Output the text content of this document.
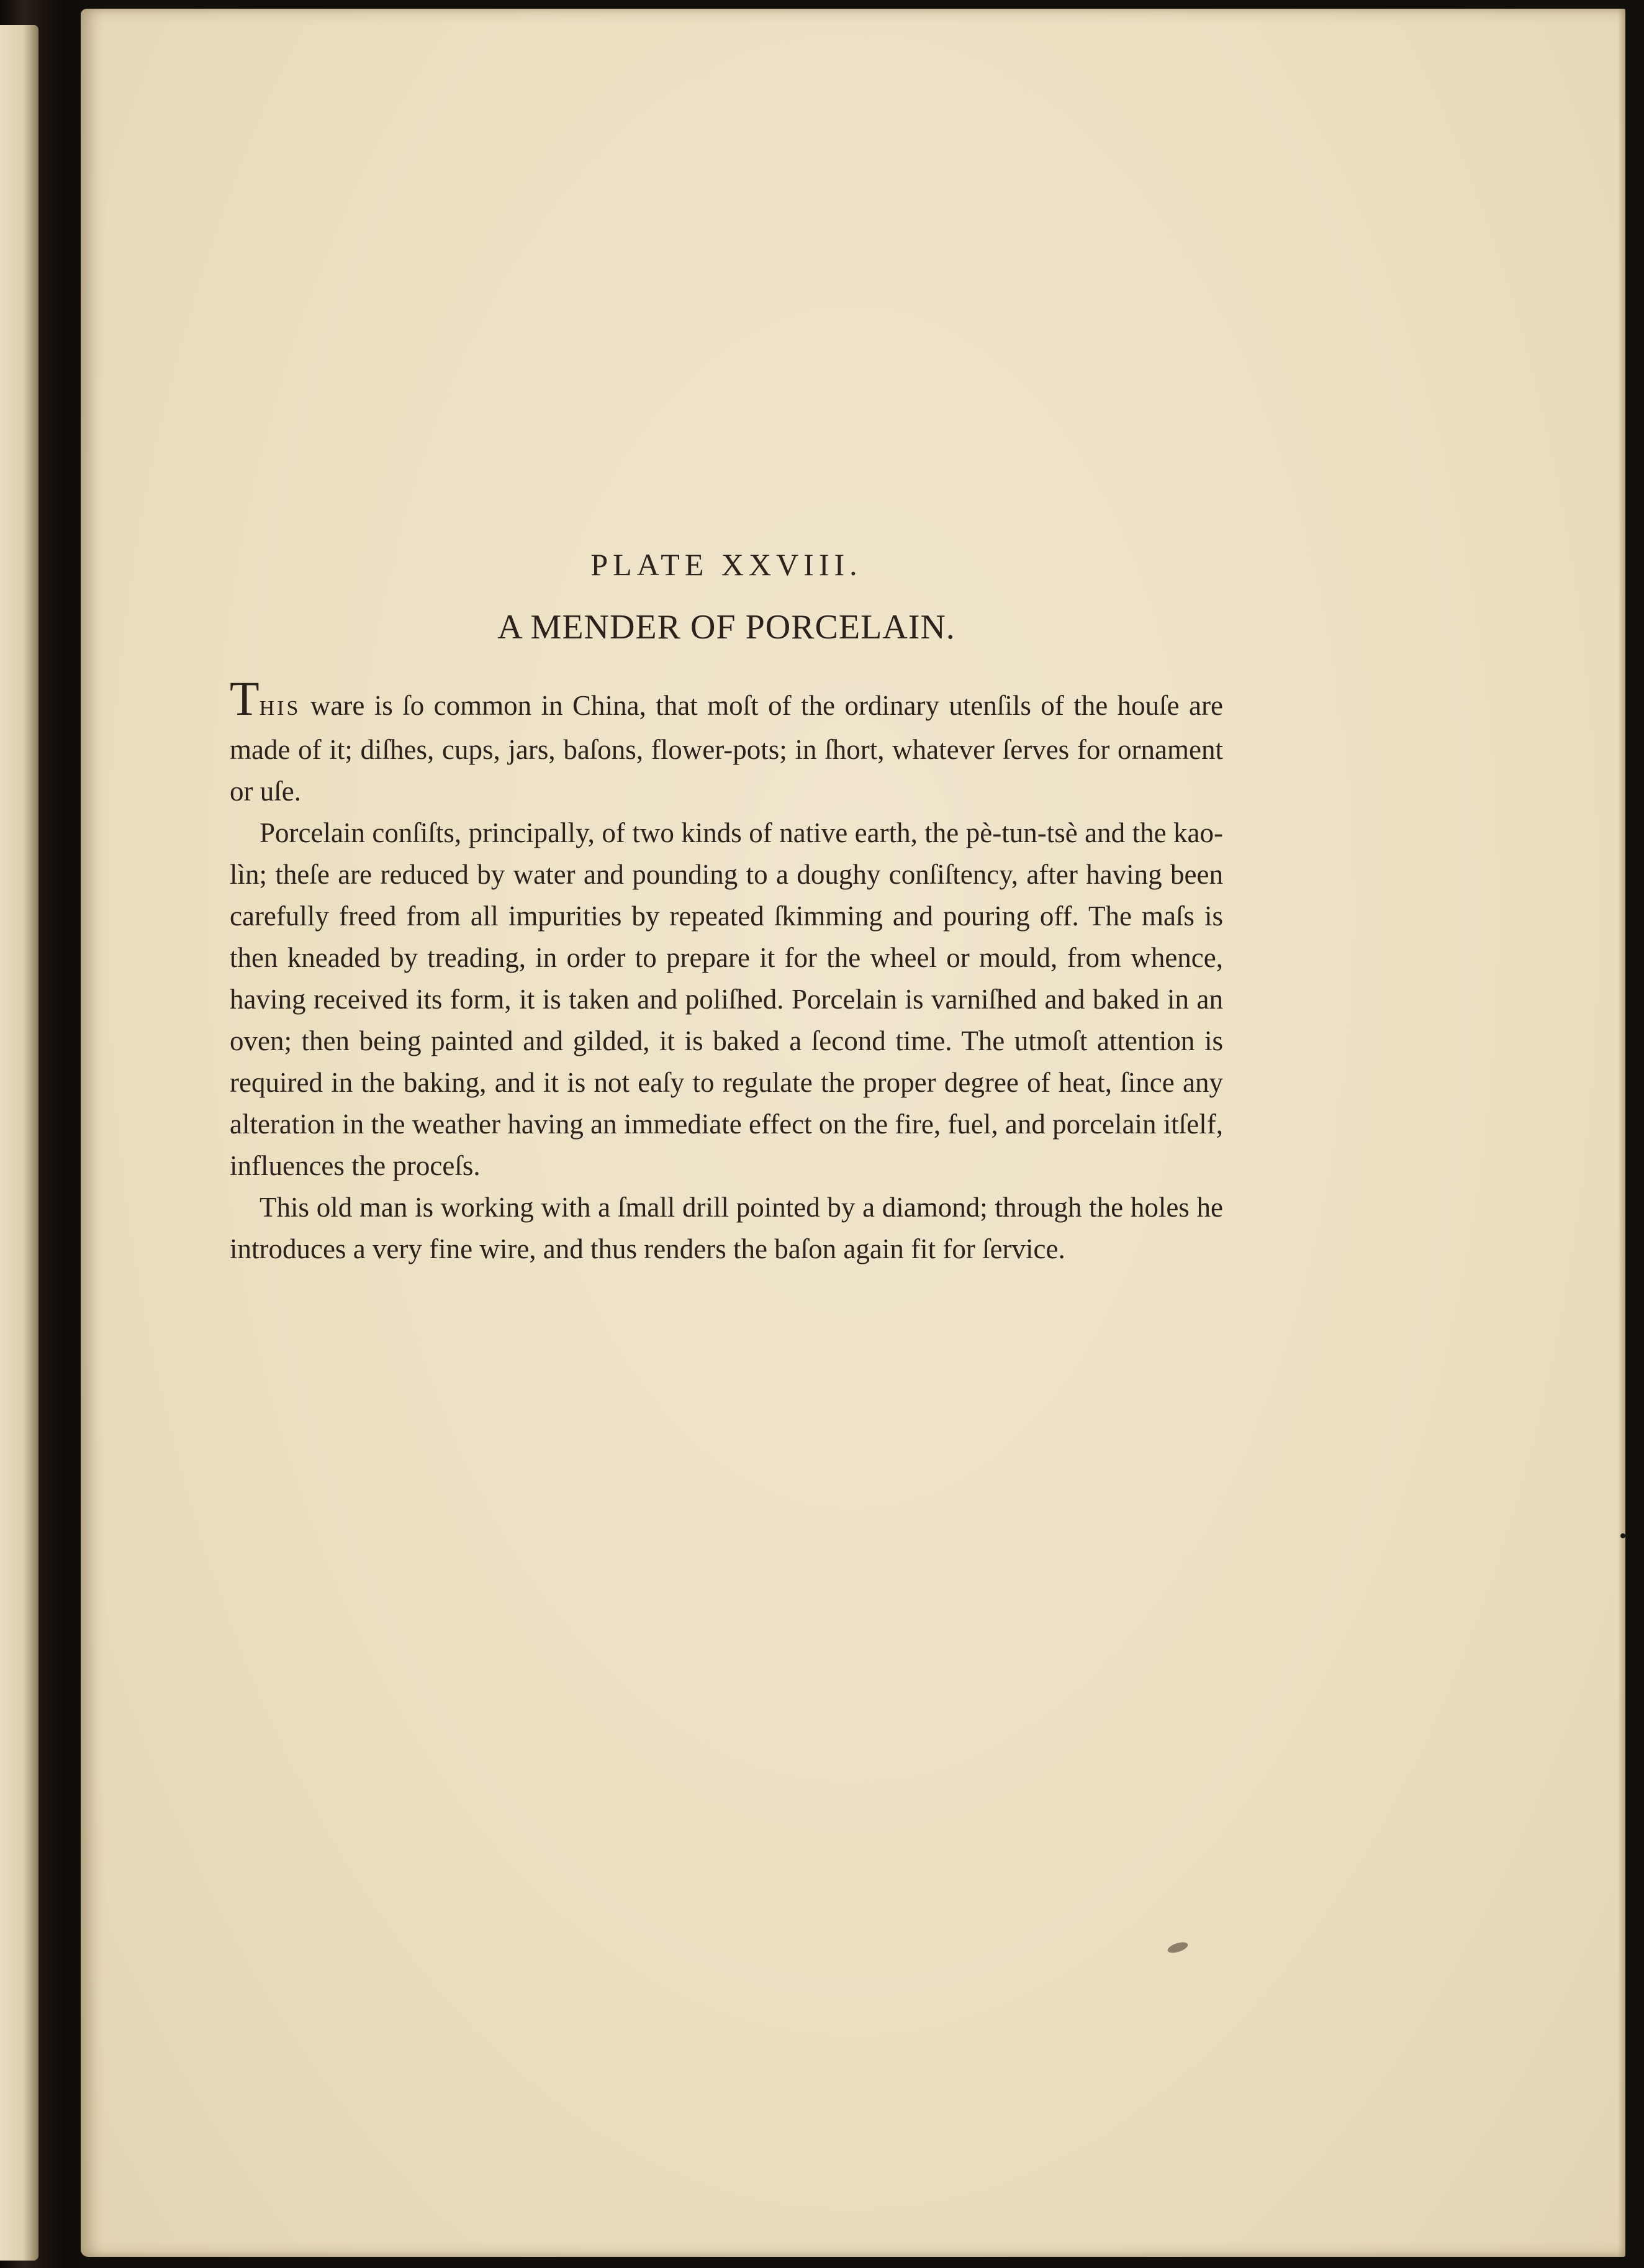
PLATE XXVIII.
A MENDER OF PORCELAIN.

THIS ware is ſo common in China, that moſt of the ordinary utenſils of the houſe are made of it; diſhes, cups, jars, baſons, flower-pots; in ſhort, whatever ſerves for ornament or uſe.

Porcelain conſiſts, principally, of two kinds of native earth, the pè-tun-tsè and the kao-lìn; theſe are reduced by water and pounding to a doughy conſiſtency, after having been carefully freed from all impurities by repeated ſkimming and pouring off. The maſs is then kneaded by treading, in order to prepare it for the wheel or mould, from whence, having received its form, it is taken and poliſhed. Porcelain is varniſhed and baked in an oven; then being painted and gilded, it is baked a ſecond time. The utmoſt attention is required in the baking, and it is not eaſy to regulate the proper degree of heat, ſince any alteration in the weather having an immediate effect on the fire, fuel, and porcelain itſelf, influences the proceſs.

This old man is working with a ſmall drill pointed by a diamond; through the holes he introduces a very fine wire, and thus renders the baſon again fit for ſervice.
